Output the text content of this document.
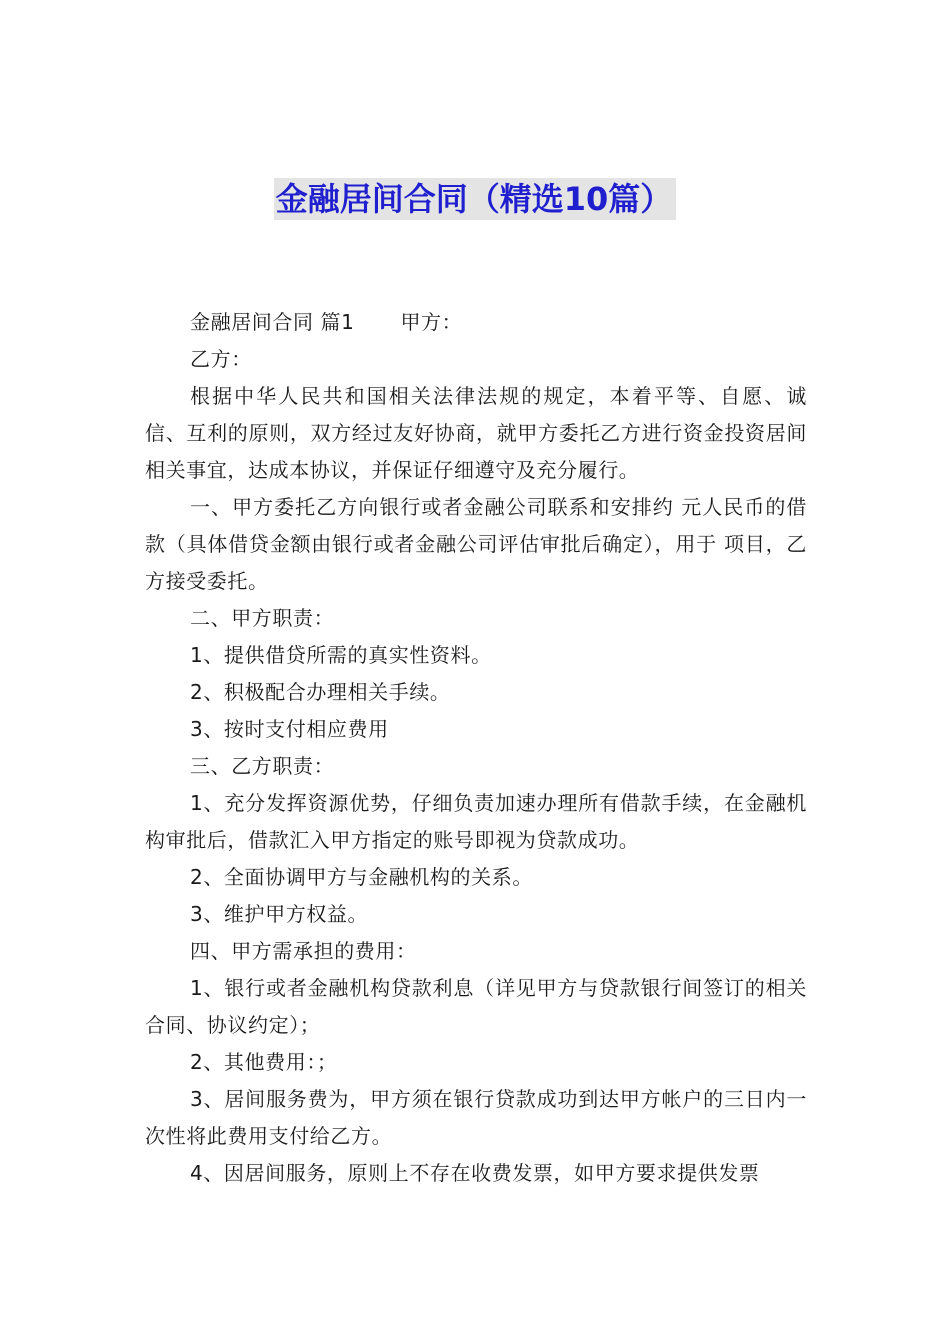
金融居间合同（精选10篇）

金融居间合同 篇1 甲方：

乙方：

根据中华人民共和国相关法律法规的规定，本着平等、自愿、诚信、互利的原则，双方经过友好协商，就甲方委托乙方进行资金投资居间相关事宜，达成本协议，并保证仔细遵守及充分履行。

一、甲方委托乙方向银行或者金融公司联系和安排约 元人民币的借款（具体借贷金额由银行或者金融公司评估审批后确定），用于 项目，乙方接受委托。

二、甲方职责：

1、提供借贷所需的真实性资料。

2、积极配合办理相关手续。

3、按时支付相应费用

三、乙方职责：

1、充分发挥资源优势，仔细负责加速办理所有借款手续，在金融机构审批后，借款汇入甲方指定的账号即视为贷款成功。

2、全面协调甲方与金融机构的关系。

3、维护甲方权益。

四、甲方需承担的费用：

1、银行或者金融机构贷款利息（详见甲方与贷款银行间签订的相关合同、协议约定）；

2、其他费用：；

3、居间服务费为，甲方须在银行贷款成功到达甲方帐户的三日内一次性将此费用支付给乙方。

4、因居间服务，原则上不存在收费发票，如甲方要求提供发票
